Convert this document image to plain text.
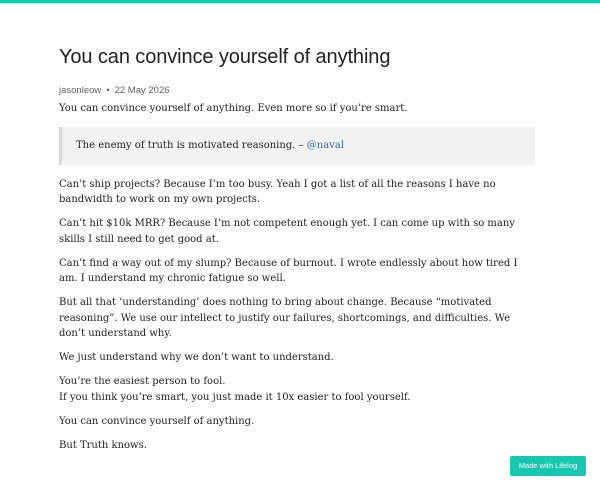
You can convince yourself of anything
jasonleow • 22 May 2026

You can convince yourself of anything. Even more so if you’re smart.

The enemy of truth is motivated reasoning. – @naval

Can’t ship projects? Because I’m too busy. Yeah I got a list of all the reasons I have no bandwidth to work on my own projects.

Can’t hit $10k MRR? Because I’m not competent enough yet. I can come up with so many skills I still need to get good at.

Can’t find a way out of my slump? Because of burnout. I wrote endlessly about how tired I am. I understand my chronic fatigue so well.

But all that ‘understanding’ does nothing to bring about change. Because “motivated reasoning”. We use our intellect to justify our failures, shortcomings, and difficulties. We don’t understand why.

We just understand why we don’t want to understand.

You’re the easiest person to fool.
If you think you’re smart, you just made it 10x easier to fool yourself.

You can convince yourself of anything.

But Truth knows.

Made with Lifelog
